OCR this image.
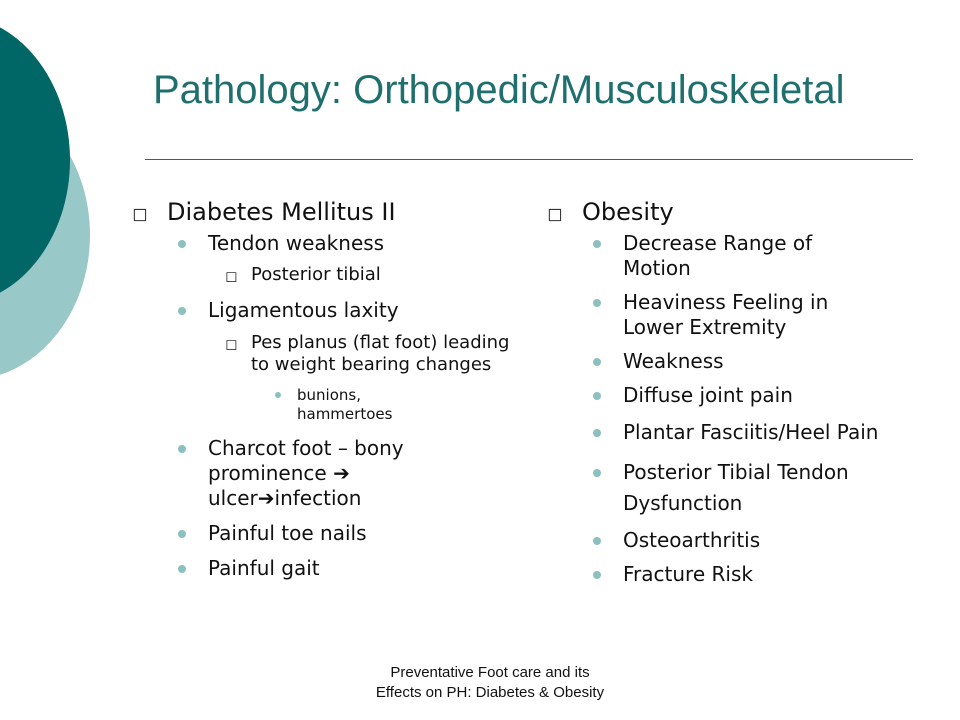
Pathology: Orthopedic/Musculoskeletal
◻ Diabetes Mellitus II
Tendon weakness
◻ Posterior tibial
Ligamentous laxity
◻ Pes planus (flat foot) leading to weight bearing changes
bunions, hammertoes
Charcot foot – bony prominence ➔ ulcer➔infection
Painful toe nails
Painful gait
◻ Obesity
Decrease Range of Motion
Heaviness Feeling in Lower Extremity
Weakness
Diffuse joint pain
Plantar Fasciitis/Heel Pain
Posterior Tibial Tendon Dysfunction
Osteoarthritis
Fracture Risk
Preventative Foot care and its
Effects on PH: Diabetes & Obesity
